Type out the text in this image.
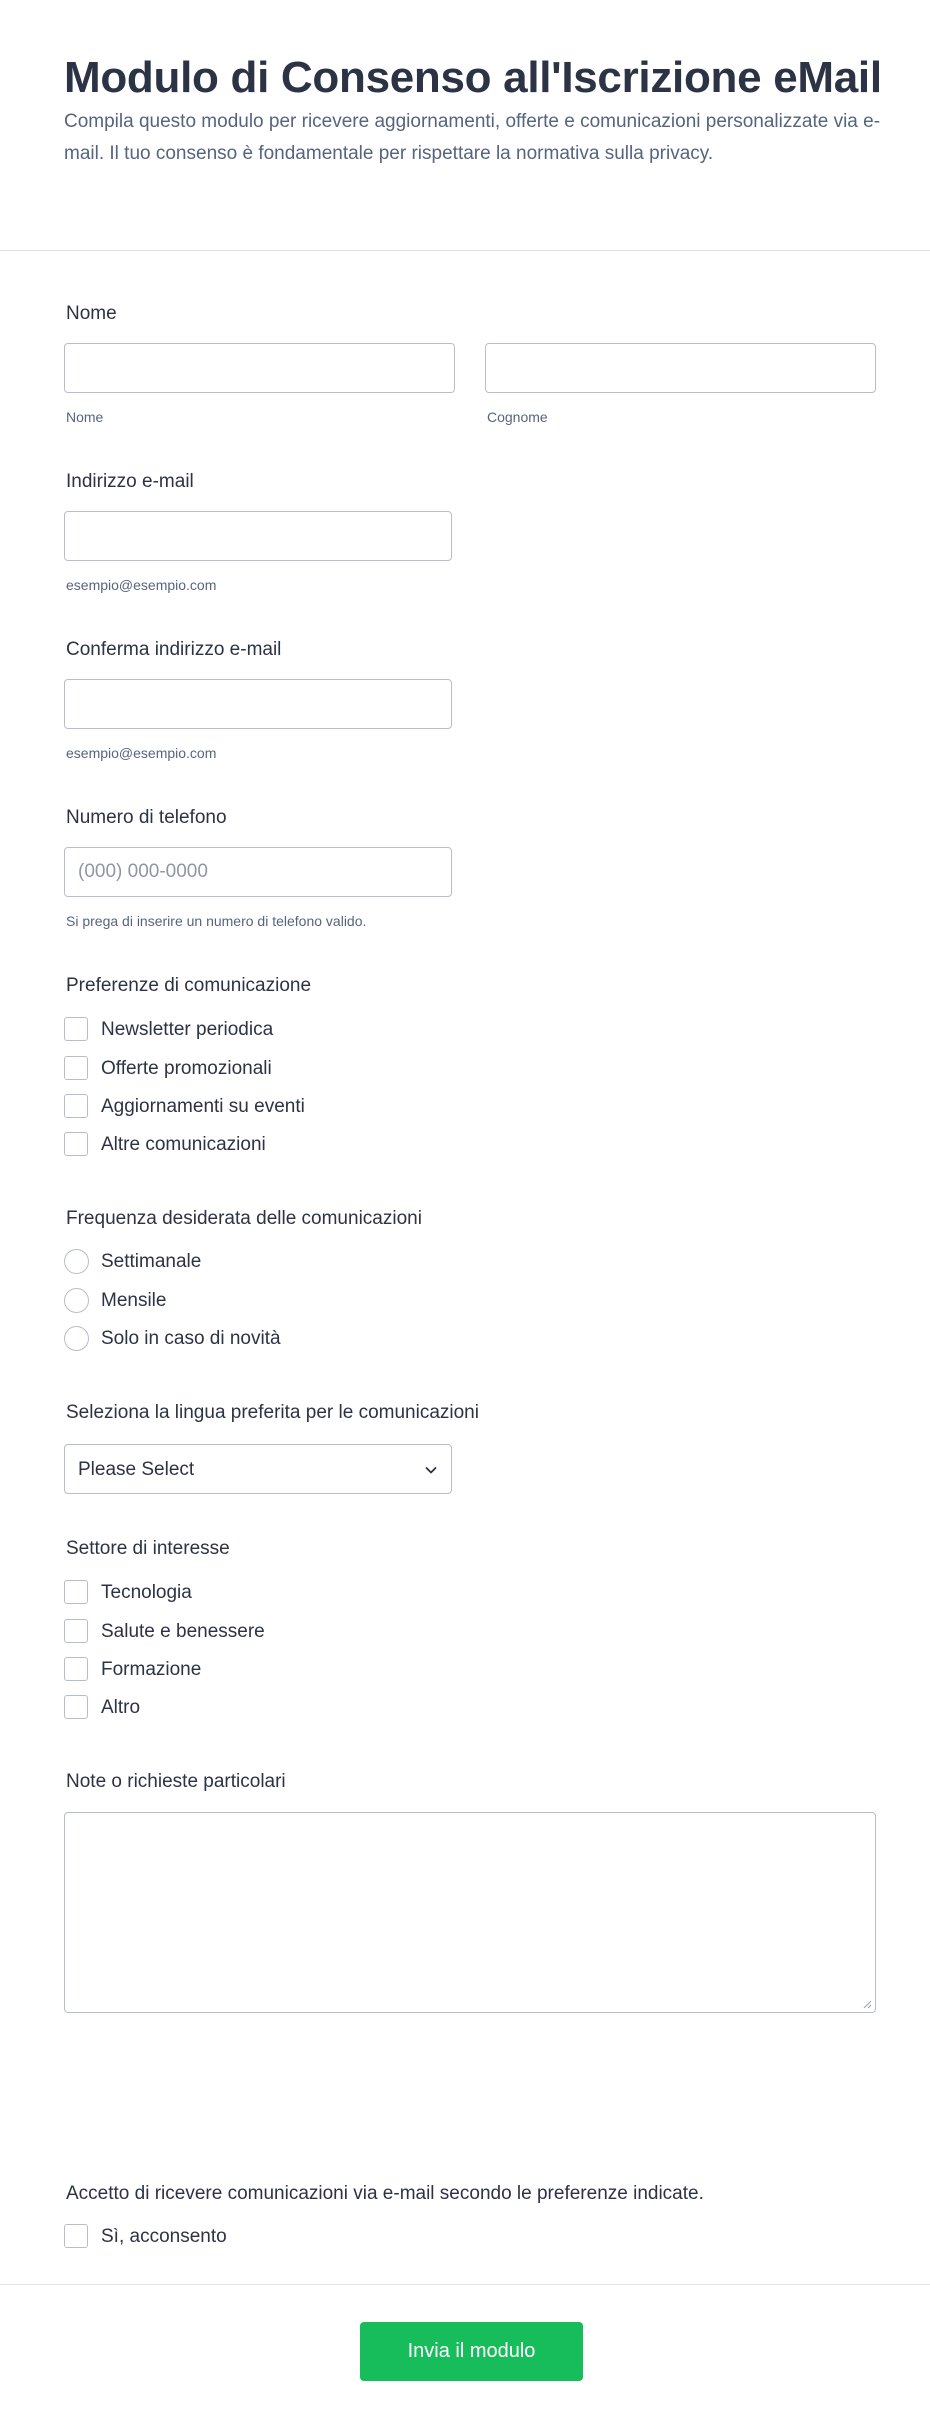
Modulo di Consenso all'Iscrizione eMail

Compila questo modulo per ricevere aggiornamenti, offerte e comunicazioni personalizzate via e-mail. Il tuo consenso è fondamentale per rispettare la normativa sulla privacy.

Nome
Nome	Cognome
Indirizzo e-mail
esempio@esempio.com
Conferma indirizzo e-mail
esempio@esempio.com
Numero di telefono
(000) 000-0000
Si prega di inserire un numero di telefono valido.
Preferenze di comunicazione
Newsletter periodica
Offerte promozionali
Aggiornamenti su eventi
Altre comunicazioni
Frequenza desiderata delle comunicazioni
Settimanale
Mensile
Solo in caso di novità
Seleziona la lingua preferita per le comunicazioni
Please Select
Settore di interesse
Tecnologia
Salute e benessere
Formazione
Altro
Note o richieste particolari
Accetto di ricevere comunicazioni via e-mail secondo le preferenze indicate.
Sì, acconsento
Invia il modulo
